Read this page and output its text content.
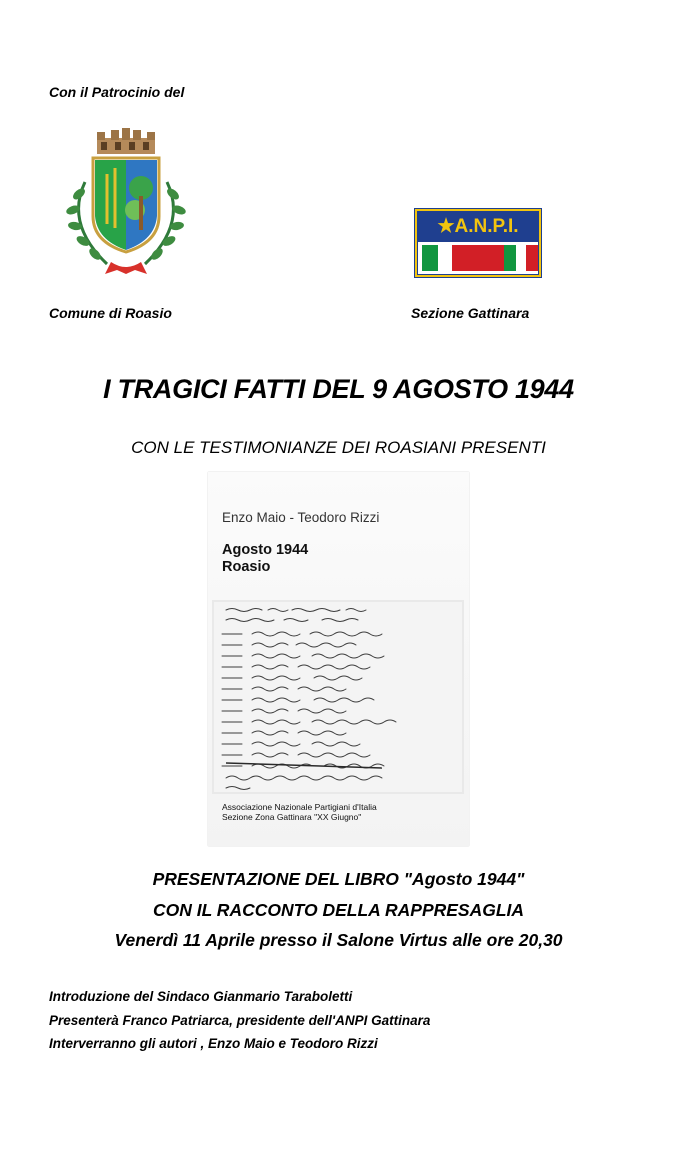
Con il Patrocinio del
★A.N.P.I.
Comune di Roasio	Sezione Gattinara
I TRAGICI FATTI DEL 9 AGOSTO 1944
CON LE TESTIMONIANZE DEI ROASIANI PRESENTI
Enzo Maio - Teodoro Rizzi
Agosto 1944
Roasio
Associazione Nazionale Partigiani d'Italia
Sezione Zona Gattinara "XX Giugno"
PRESENTAZIONE DEL LIBRO "Agosto 1944"
CON IL RACCONTO DELLA RAPPRESAGLIA
Venerdì 11 Aprile presso il Salone Virtus alle ore 20,30
Introduzione del Sindaco Gianmario Taraboletti
Presenterà Franco Patriarca, presidente dell'ANPI Gattinara
Interverranno gli autori , Enzo Maio e Teodoro Rizzi
